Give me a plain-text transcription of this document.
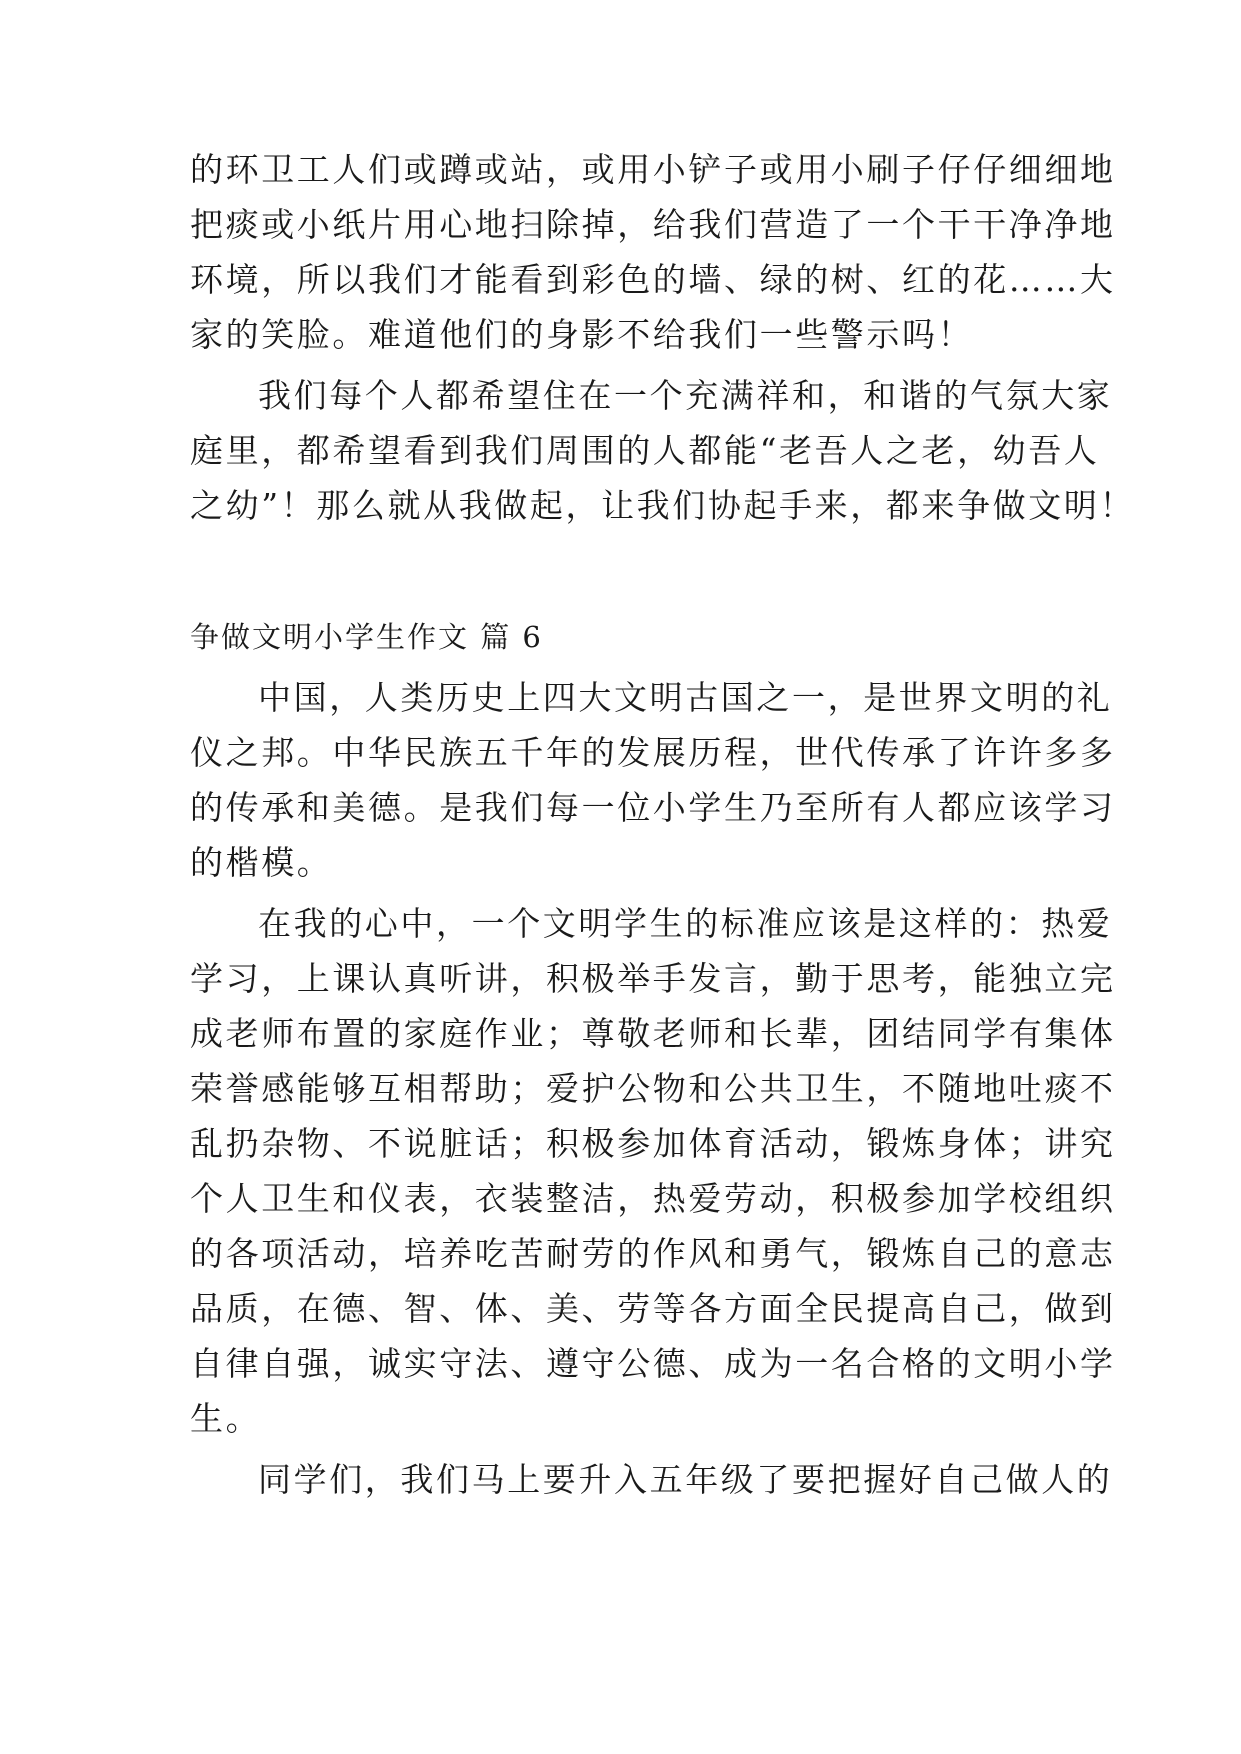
的环卫工人们或蹲或站，或用小铲子或用小刷子仔仔细细地
把痰或小纸片用心地扫除掉，给我们营造了一个干干净净地
环境，所以我们才能看到彩色的墙、绿的树、红的花……大
家的笑脸。难道他们的身影不给我们一些警示吗！
我们每个人都希望住在一个充满祥和，和谐的气氛大家
庭里，都希望看到我们周围的人都能“老吾人之老，幼吾人
之幼”！那么就从我做起，让我们协起手来，都来争做文明！
争做文明小学生作文 篇 6
中国，人类历史上四大文明古国之一，是世界文明的礼
仪之邦。中华民族五千年的发展历程，世代传承了许许多多
的传承和美德。是我们每一位小学生乃至所有人都应该学习
的楷模。
在我的心中，一个文明学生的标准应该是这样的：热爱
学习，上课认真听讲，积极举手发言，勤于思考，能独立完
成老师布置的家庭作业；尊敬老师和长辈，团结同学有集体
荣誉感能够互相帮助；爱护公物和公共卫生，不随地吐痰不
乱扔杂物、不说脏话；积极参加体育活动，锻炼身体；讲究
个人卫生和仪表，衣装整洁，热爱劳动，积极参加学校组织
的各项活动，培养吃苦耐劳的作风和勇气，锻炼自己的意志
品质，在德、智、体、美、劳等各方面全民提高自己，做到
自律自强，诚实守法、遵守公德、成为一名合格的文明小学
生。
同学们，我们马上要升入五年级了要把握好自己做人的
